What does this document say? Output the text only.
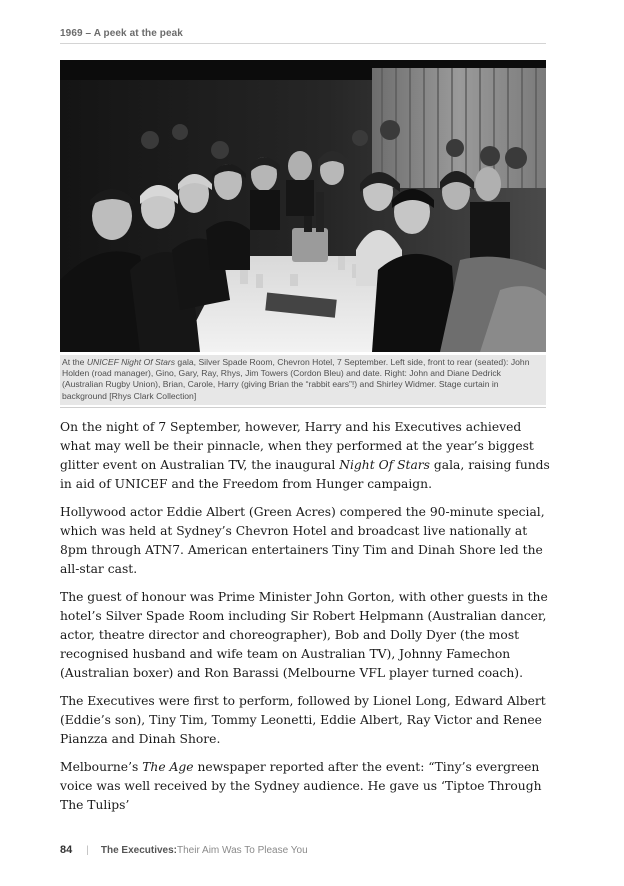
1969 – A peek at the peak
At the UNICEF Night Of Stars gala, Silver Spade Room, Chevron Hotel, 7 September. Left side, front to rear (seated): John Holden (road manager), Gino, Gary, Ray, Rhys, Jim Towers (Cordon Bleu) and date. Right: John and Diane Dedrick (Australian Rugby Union), Brian, Carole, Harry (giving Brian the “rabbit ears”!) and Shirley Widmer. Stage curtain in background [Rhys Clark Collection]

On the night of 7 September, however, Harry and his Executives achieved what may well be their pinnacle, when they performed at the year’s biggest glitter event on Australian TV, the inaugural Night Of Stars gala, raising funds in aid of UNICEF and the Freedom from Hunger campaign.

Hollywood actor Eddie Albert (Green Acres) compered the 90-minute special, which was held at Sydney’s Chevron Hotel and broadcast live nationally at 8pm through ATN7. American entertainers Tiny Tim and Dinah Shore led the all-star cast.

The guest of honour was Prime Minister John Gorton, with other guests in the hotel’s Silver Spade Room including Sir Robert Helpmann (Australian dancer, actor, theatre director and choreographer), Bob and Dolly Dyer (the most recognised husband and wife team on Australian TV), Johnny Famechon (Australian boxer) and Ron Barassi (Melbourne VFL player turned coach).

The Executives were first to perform, followed by Lionel Long, Edward Albert (Eddie’s son), Tiny Tim, Tommy Leonetti, Eddie Albert, Ray Victor and Renee Pianzza and Dinah Shore.

Melbourne’s The Age newspaper reported after the event: “Tiny’s evergreen voice was well received by the Sydney audience. He gave us ‘Tiptoe Through The Tulips’

84 | The Executives: Their Aim Was To Please You
